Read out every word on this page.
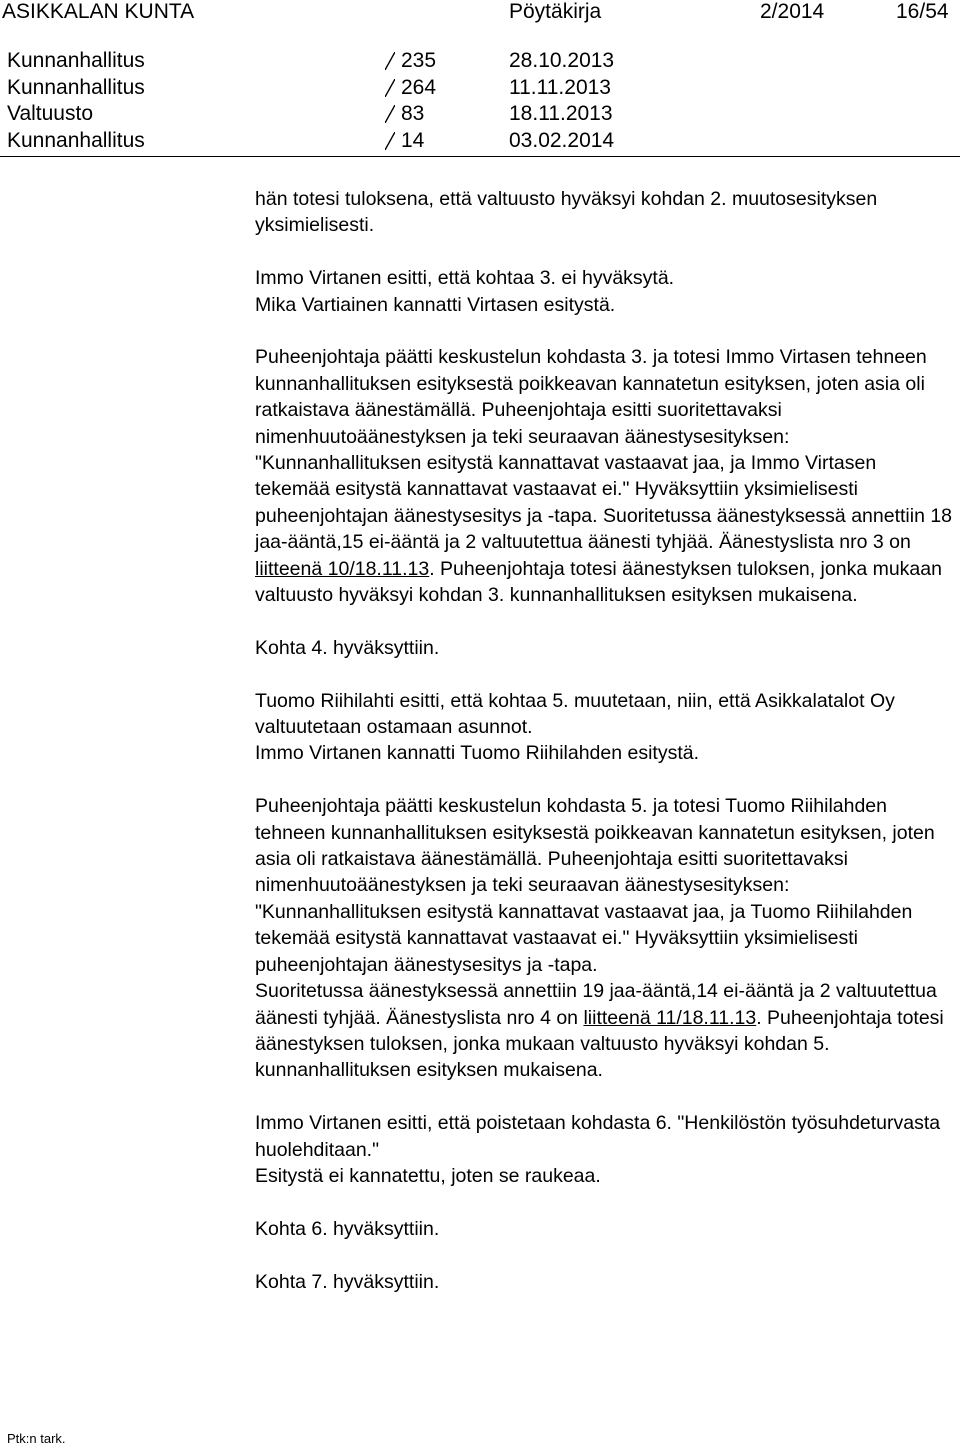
ASIKKALAN KUNTA	Pöytäkirja	2/2014	16/54
Kunnanhallitus	235	28.10.2013
Kunnanhallitus	264	11.11.2013
Valtuusto	83	18.11.2013
Kunnanhallitus	14	03.02.2014

hän totesi tuloksena, että valtuusto hyväksyi kohdan 2. muutosesityksen yksimielisesti.

Immo Virtanen esitti, että kohtaa 3. ei hyväksytä.

Mika Vartiainen kannatti Virtasen esitystä.

Puheenjohtaja päätti keskustelun kohdasta 3. ja totesi Immo Virtasen tehneen kunnanhallituksen esityksestä poikkeavan kannatetun esityksen, joten asia oli ratkaistava äänestämällä. Puheenjohtaja esitti suoritettavaksi nimenhuutoäänestyksen ja teki seuraavan äänestysesityksen: "Kunnanhallituksen esitystä kannattavat vastaavat jaa, ja Immo Virtasen tekemää esitystä kannattavat vastaavat ei." Hyväksyttiin yksimielisesti puheenjohtajan äänestysesitys ja -tapa. Suoritetussa äänestyksessä annettiin 18 jaa-ääntä,15 ei-ääntä ja 2 valtuutettua äänesti tyhjää. Äänestyslista nro 3 on liitteenä 10/18.11.13. Puheenjohtaja totesi äänestyksen tuloksen, jonka mukaan valtuusto hyväksyi kohdan 3. kunnanhallituksen esityksen mukaisena.

Kohta 4. hyväksyttiin.

Tuomo Riihilahti esitti, että kohtaa 5. muutetaan, niin, että Asikkalatalot Oy valtuutetaan ostamaan asunnot.

Immo Virtanen kannatti Tuomo Riihilahden esitystä.

Puheenjohtaja päätti keskustelun kohdasta 5. ja totesi Tuomo Riihilahden tehneen kunnanhallituksen esityksestä poikkeavan kannatetun esityksen, joten asia oli ratkaistava äänestämällä. Puheenjohtaja esitti suoritettavaksi nimenhuutoäänestyksen ja teki seuraavan äänestysesityksen: "Kunnanhallituksen esitystä kannattavat vastaavat jaa, ja Tuomo Riihilahden tekemää esitystä kannattavat vastaavat ei." Hyväksyttiin yksimielisesti puheenjohtajan äänestysesitys ja -tapa.

Suoritetussa äänestyksessä annettiin 19 jaa-ääntä,14 ei-ääntä ja 2 valtuutettua äänesti tyhjää. Äänestyslista nro 4 on liitteenä 11/18.11.13. Puheenjohtaja totesi äänestyksen tuloksen, jonka mukaan valtuusto hyväksyi kohdan 5. kunnanhallituksen esityksen mukaisena.

Immo Virtanen esitti, että poistetaan kohdasta 6. "Henkilöstön työsuhdeturvasta huolehditaan."

Esitystä ei kannatettu, joten se raukeaa.

Kohta 6. hyväksyttiin.

Kohta 7. hyväksyttiin.

Ptk:n tark.
